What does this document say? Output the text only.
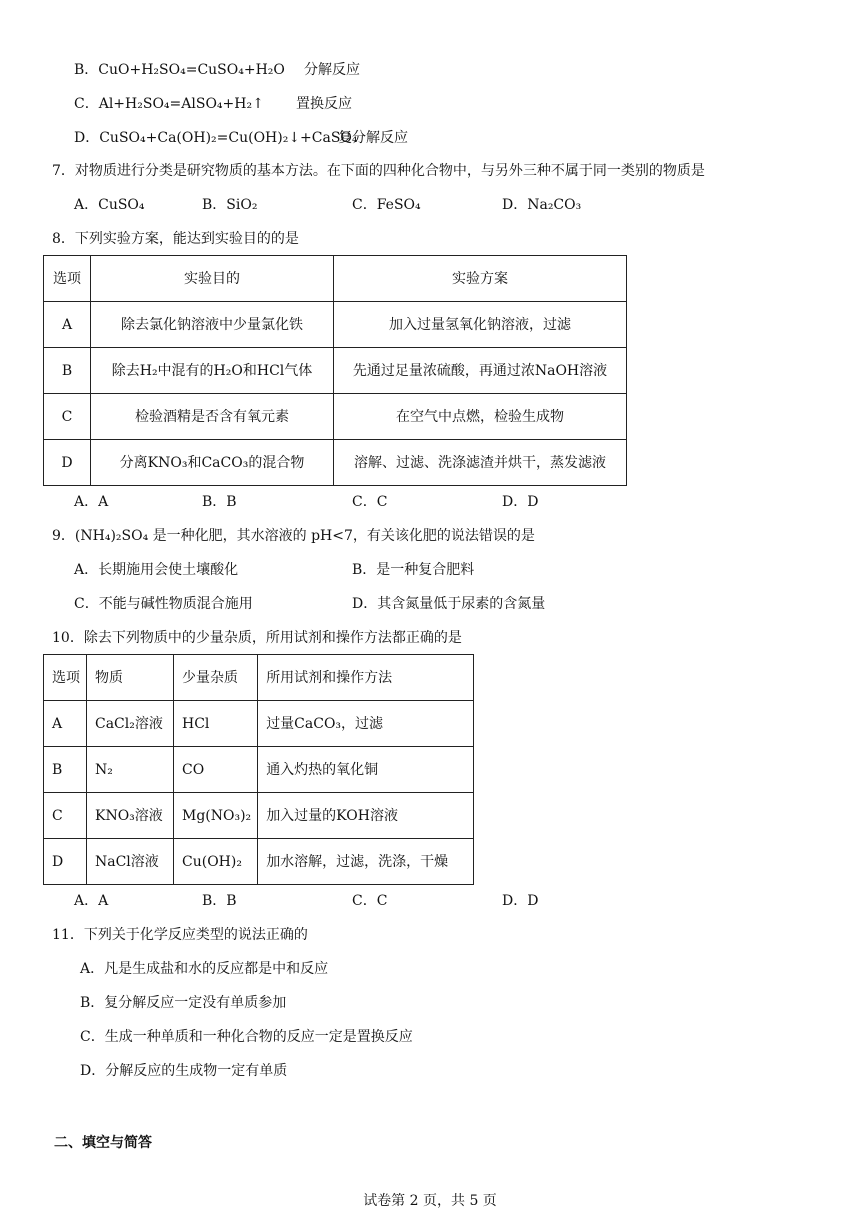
B．CuO+H₂SO₄=CuSO₄+H₂O 分解反应
C．Al+H₂SO₄=AlSO₄+H₂↑ 置换反应
D．CuSO₄+Ca(OH)₂=Cu(OH)₂↓+CaSO₄
复分解反应
7．对物质进行分类是研究物质的基本方法。在下面的四种化合物中，与另外三种不属于同一类别的物质是
A．CuSO₄	B．SiO₂	C．FeSO₄	D．Na₂CO₃
8．下列实验方案，能达到实验目的的是
选项	实验目的	实验方案
A	除去氯化钠溶液中少量氯化铁	加入过量氢氧化钠溶液，过滤
B	除去H₂中混有的H₂O和HCl气体	先通过足量浓硫酸，再通过浓NaOH溶液
C	检验酒精是否含有氧元素	在空气中点燃，检验生成物
D	分离KNO₃和CaCO₃的混合物	溶解、过滤、洗涤滤渣并烘干，蒸发滤液
A．A	B．B	C．C	D．D
9．(NH₄)₂SO₄ 是一种化肥，其水溶液的 pH<7，有关该化肥的说法错误的是
A．长期施用会使土壤酸化	B．是一种复合肥料
C．不能与碱性物质混合施用	D．其含氮量低于尿素的含氮量
10．除去下列物质中的少量杂质，所用试剂和操作方法都正确的是
选项	物质	少量杂质	所用试剂和操作方法
A	CaCl₂溶液	HCl	过量CaCO₃，过滤
B	N₂	CO	通入灼热的氧化铜
C	KNO₃溶液	Mg(NO₃)₂	加入过量的KOH溶液
D	NaCl溶液	Cu(OH)₂	加水溶解，过滤，洗涤，干燥
A．A	B．B	C．C	D．D
11．下列关于化学反应类型的说法正确的
A．凡是生成盐和水的反应都是中和反应
B．复分解反应一定没有单质参加
C．生成一种单质和一种化合物的反应一定是置换反应
D．分解反应的生成物一定有单质
二、填空与简答
试卷第 2 页，共 5 页
